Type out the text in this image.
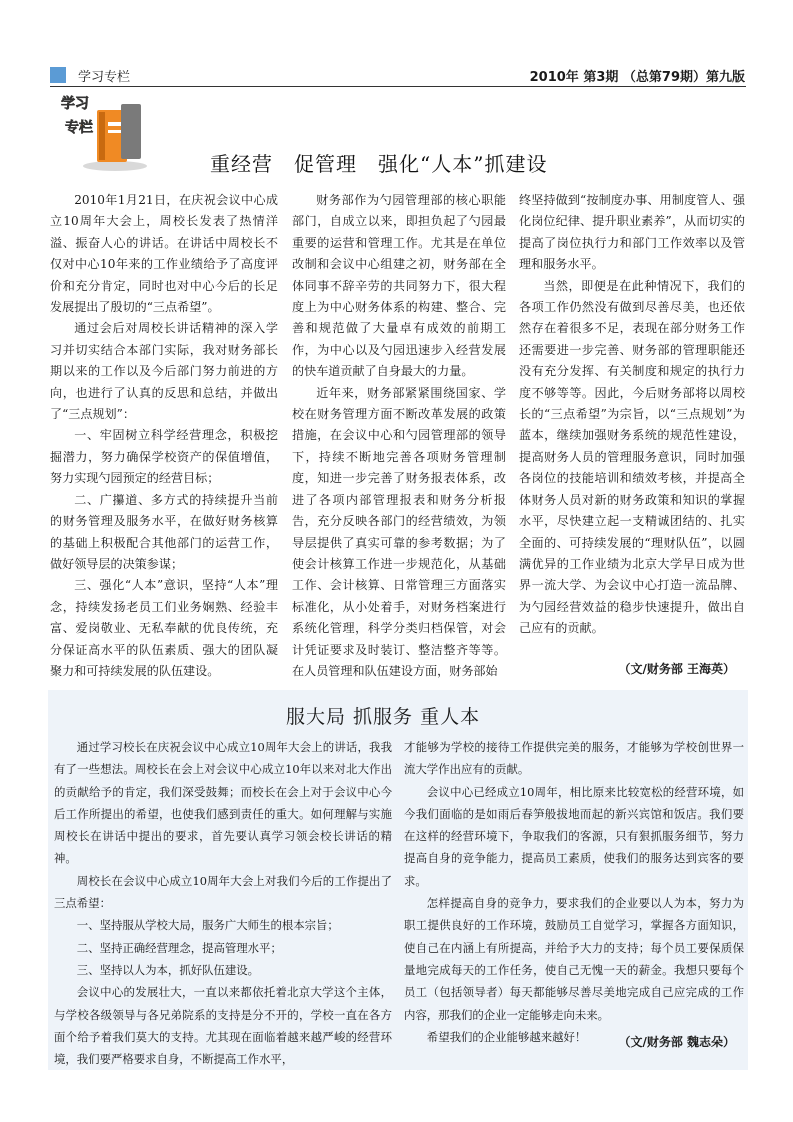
学习专栏	2010年 第3期 （总第79期）第九版
学习
专栏
重经营　促管理　强化“人本”抓建设

2010年1月21日，在庆祝会议中心成立10周年大会上，周校长发表了热情洋溢、振奋人心的讲话。在讲话中周校长不仅对中心10年来的工作业绩给予了高度评价和充分肯定，同时也对中心今后的长足发展提出了殷切的“三点希望”。

通过会后对周校长讲话精神的深入学习并切实结合本部门实际，我对财务部长期以来的工作以及今后部门努力前进的方向，也进行了认真的反思和总结，并做出了“三点规划”：

一、牢固树立科学经营理念，积极挖掘潜力，努力确保学校资产的保值增值，努力实现勺园预定的经营目标；

二、广攥道、多方式的持续提升当前的财务管理及服务水平，在做好财务核算的基础上积极配合其他部门的运营工作，做好领导层的决策参谋；

三、强化“人本”意识，坚持“人本”理念，持续发扬老员工们业务娴熟、经验丰富、爱岗敬业、无私奉献的优良传统，充分保证高水平的队伍素质、强大的团队凝聚力和可持续发展的队伍建设。

财务部作为勺园管理部的核心职能部门，自成立以来，即担负起了勺园最重要的运营和管理工作。尤其是在单位改制和会议中心组建之初，财务部在全体同事不辞辛劳的共同努力下，很大程度上为中心财务体系的构建、整合、完善和规范做了大量卓有成效的前期工作，为中心以及勺园迅速步入经营发展的快车道贡献了自身最大的力量。

近年来，财务部紧紧围绕国家、学校在财务管理方面不断改革发展的政策措施，在会议中心和勺园管理部的领导下，持续不断地完善各项财务管理制度，知进一步完善了财务报表体系，改进了各项内部管理报表和财务分析报告，充分反映各部门的经营绩效，为领导层提供了真实可靠的参考数据；为了使会计核算工作进一步规范化，从基础工作、会计核算、日常管理三方面落实标准化，从小处着手，对财务档案进行系统化管理，科学分类归档保管，对会计凭证要求及时装订、整洁整齐等等。在人员管理和队伍建设方面，财务部始

终坚持做到“按制度办事、用制度管人、强化岗位纪律、提升职业素养”，从而切实的提高了岗位执行力和部门工作效率以及管理和服务水平。

当然，即便是在此种情况下，我们的各项工作仍然没有做到尽善尽美，也还依然存在着很多不足，表现在部分财务工作还需要进一步完善、财务部的管理职能还没有充分发挥、有关制度和规定的执行力度不够等等。因此，今后财务部将以周校长的“三点希望”为宗旨，以“三点规划”为蓝本，继续加强财务系统的规范性建设，提高财务人员的管理服务意识，同时加强各岗位的技能培训和绩效考核，并提高全体财务人员对新的财务政策和知识的掌握水平，尽快建立起一支精诚团结的、扎实全面的、可持续发展的“理财队伍”，以圆满优异的工作业绩为北京大学早日成为世界一流大学、为会议中心打造一流品牌、为勺园经营效益的稳步快速提升，做出自己应有的贡献。

（文/财务部 王海英）
服大局 抓服务 重人本

通过学习校长在庆祝会议中心成立10周年大会上的讲话，我我有了一些想法。周校长在会上对会议中心成立10年以来对北大作出的贡献给予的肯定，我们深受鼓舞；而校长在会上对于会议中心今后工作所提出的希望，也使我们感到责任的重大。如何理解与实施周校长在讲话中提出的要求，首先要认真学习领会校长讲话的精神。

周校长在会议中心成立10周年大会上对我们今后的工作提出了三点希望：

一、坚持服从学校大局，服务广大师生的根本宗旨；

二、坚持正确经营理念，提高管理水平；

三、坚持以人为本，抓好队伍建设。

会议中心的发展壮大，一直以来都依托着北京大学这个主体，与学校各级领导与各兄弟院系的支持是分不开的，学校一直在各方面个给予着我们莫大的支持。尤其现在面临着越来越严峻的经营环境，我们要严格要求自身，不断提高工作水平，

才能够为学校的接待工作提供完美的服务，才能够为学校创世界一流大学作出应有的贡献。

会议中心已经成立10周年，相比原来比较宽松的经营环境，如今我们面临的是如雨后春笋般拔地而起的新兴宾馆和饭店。我们要在这样的经营环境下，争取我们的客源，只有狠抓服务细节，努力提高自身的竞争能力，提高员工素质，使我们的服务达到宾客的要求。

怎样提高自身的竞争力，要求我们的企业要以人为本，努力为职工提供良好的工作环境，鼓励员工自觉学习，掌握各方面知识，使自己在内涵上有所提高，并给予大力的支持；每个员工要保质保量地完成每天的工作任务，使自己无愧一天的薪金。我想只要每个员工（包括领导者）每天都能够尽善尽美地完成自己应完成的工作内容，那我们的企业一定能够走向未来。

希望我们的企业能够越来越好！	（文/财务部 魏志朵）
